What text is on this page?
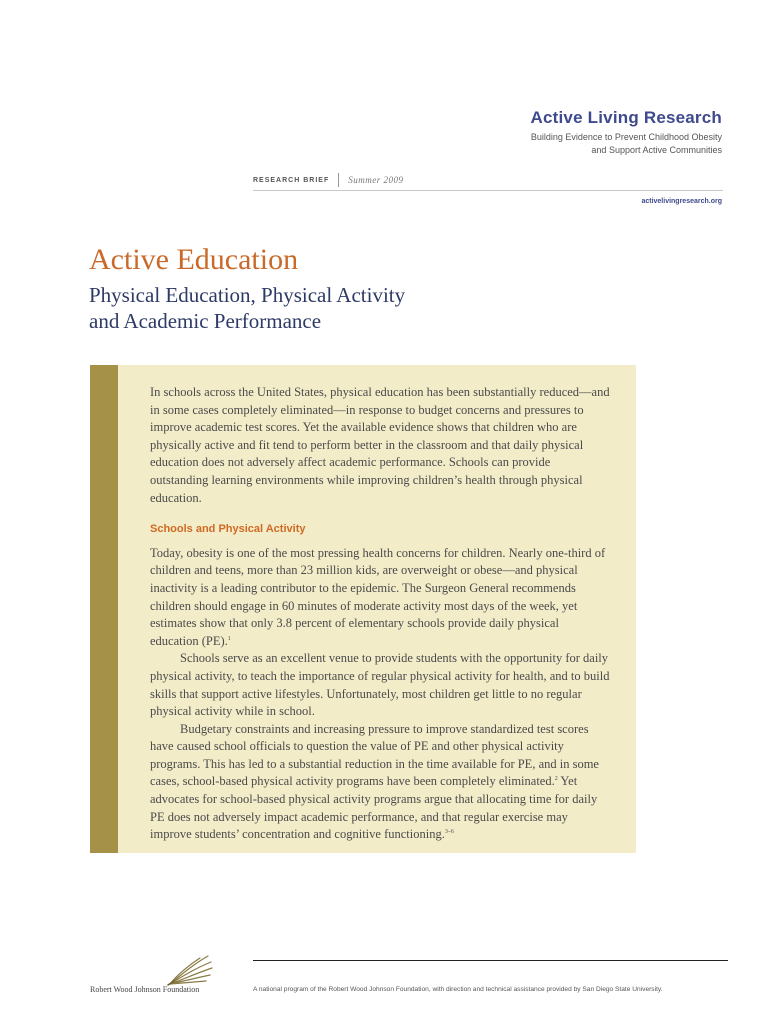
Active Living Research
Building Evidence to Prevent Childhood Obesity
and Support Active Communities
RESEARCH BRIEF Summer 2009
activelivingresearch.org
Active Education
Physical Education, Physical Activity
and Academic Performance

In schools across the United States, physical education has been substantially reduced—and in some cases completely eliminated—in response to budget concerns and pressures to improve academic test scores. Yet the available evidence shows that children who are physically active and fit tend to perform better in the classroom and that daily physical education does not adversely affect academic performance. Schools can provide outstanding learning environments while improving children’s health through physical education.

Schools and Physical Activity

Today, obesity is one of the most pressing health concerns for children. Nearly one-third of children and teens, more than 23 million kids, are overweight or obese—and physical inactivity is a leading contributor to the epidemic. The Surgeon General recommends children should engage in 60 minutes of moderate activity most days of the week, yet estimates show that only 3.8 percent of elementary schools provide daily physical education (PE).$^1$

Schools serve as an excellent venue to provide students with the opportunity for daily physical activity, to teach the importance of regular physical activity for health, and to build skills that support active lifestyles. Unfortunately, most children get little to no regular physical activity while in school.

Budgetary constraints and increasing pressure to improve standardized test scores have caused school officials to question the value of PE and other physical activity programs. This has led to a substantial reduction in the time available for PE, and in some cases, school-based physical activity programs have been completely eliminated.$^2$ Yet advocates for school-based physical activity programs argue that allocating time for daily PE does not adversely impact academic performance, and that regular exercise may improve students’ concentration and cognitive functioning.$^{3-6}$

Robert Wood Johnson Foundation	A national program of the Robert Wood Johnson Foundation, with direction and technical assistance provided by San Diego State University.
